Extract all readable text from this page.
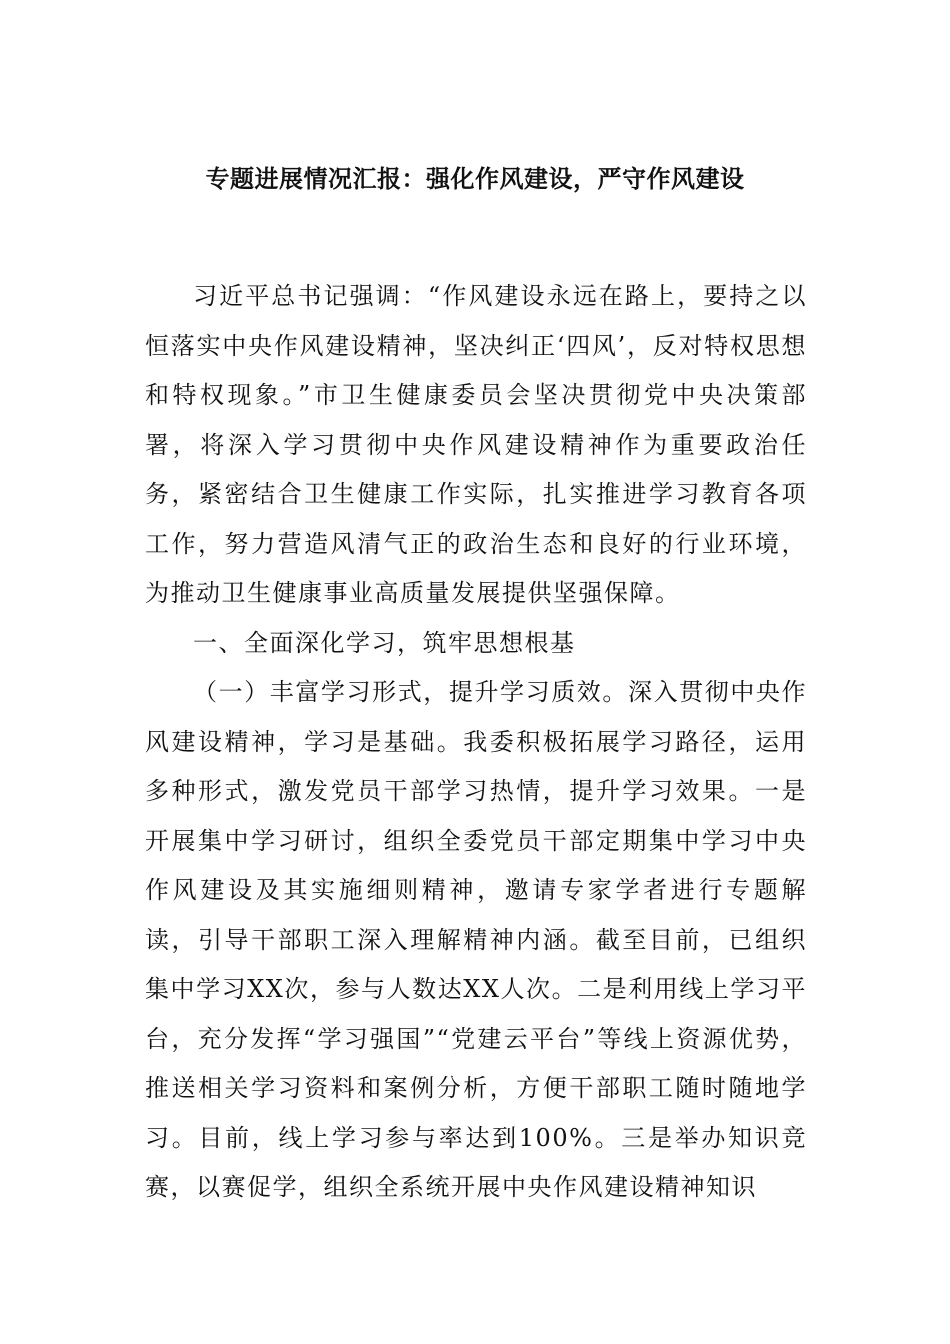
专题进展情况汇报：强化作风建设，严守作风建设

习近平总书记强调：“作风建设永远在路上，要持之以恒落实中央作风建设精神，坚决纠正‘四风’，反对特权思想和特权现象。”市卫生健康委员会坚决贯彻党中央决策部署，将深入学习贯彻中央作风建设精神作为重要政治任务，紧密结合卫生健康工作实际，扎实推进学习教育各项工作，努力营造风清气正的政治生态和良好的行业环境，为推动卫生健康事业高质量发展提供坚强保障。

一、全面深化学习，筑牢思想根基

（一）丰富学习形式，提升学习质效。深入贯彻中央作风建设精神，学习是基础。我委积极拓展学习路径，运用多种形式，激发党员干部学习热情，提升学习效果。一是开展集中学习研讨，组织全委党员干部定期集中学习中央作风建设及其实施细则精神，邀请专家学者进行专题解读，引导干部职工深入理解精神内涵。截至目前，已组织集中学习XX次，参与人数达XX人次。二是利用线上学习平台，充分发挥“学习强国”“党建云平台”等线上资源优势，推送相关学习资料和案例分析，方便干部职工随时随地学习。目前，线上学习参与率达到100%。三是举办知识竞赛，以赛促学，组织全系统开展中央作风建设精神知识
